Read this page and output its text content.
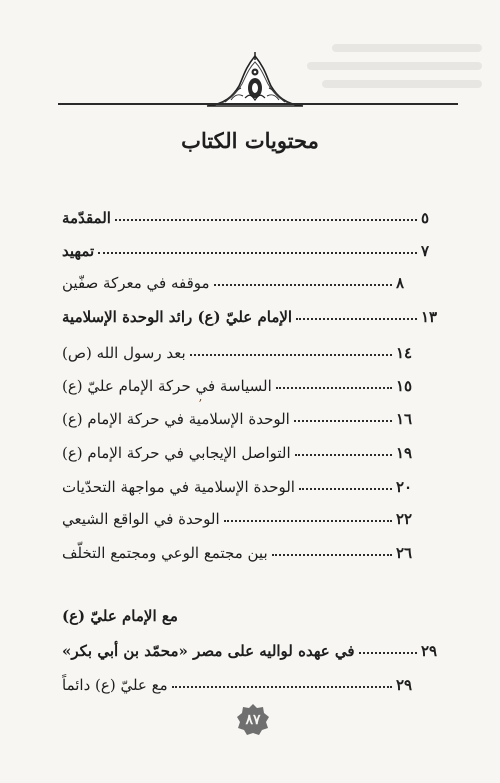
محتويات الكتاب
المقدّمة	٥
تمهيد	٧
موقفه في معركة صفّين	٨
الإمام عليّ (ع) رائد الوحدة الإسلامية	١٣
بعد رسول الله (ص)	١٤
السياسة في حركة الإمام عليّ (ع)	١٥
الوحدة الإسلامية في حركة الإمام (ع)	١٦
التواصل الإيجابي في حركة الإمام (ع)	١٩
الوحدة الإسلامية في مواجهة التحدّيات	٢٠
الوحدة في الواقع الشيعي	٢٢
بين مجتمع الوعي ومجتمع التخلّف	٢٦
مع الإمام عليّ (ع)
في عهده لواليه على مصر «محمّد بن أبي بكر»	٢٩
مع عليّ (ع) دائماً	٢٩
ʼ
٨٧
